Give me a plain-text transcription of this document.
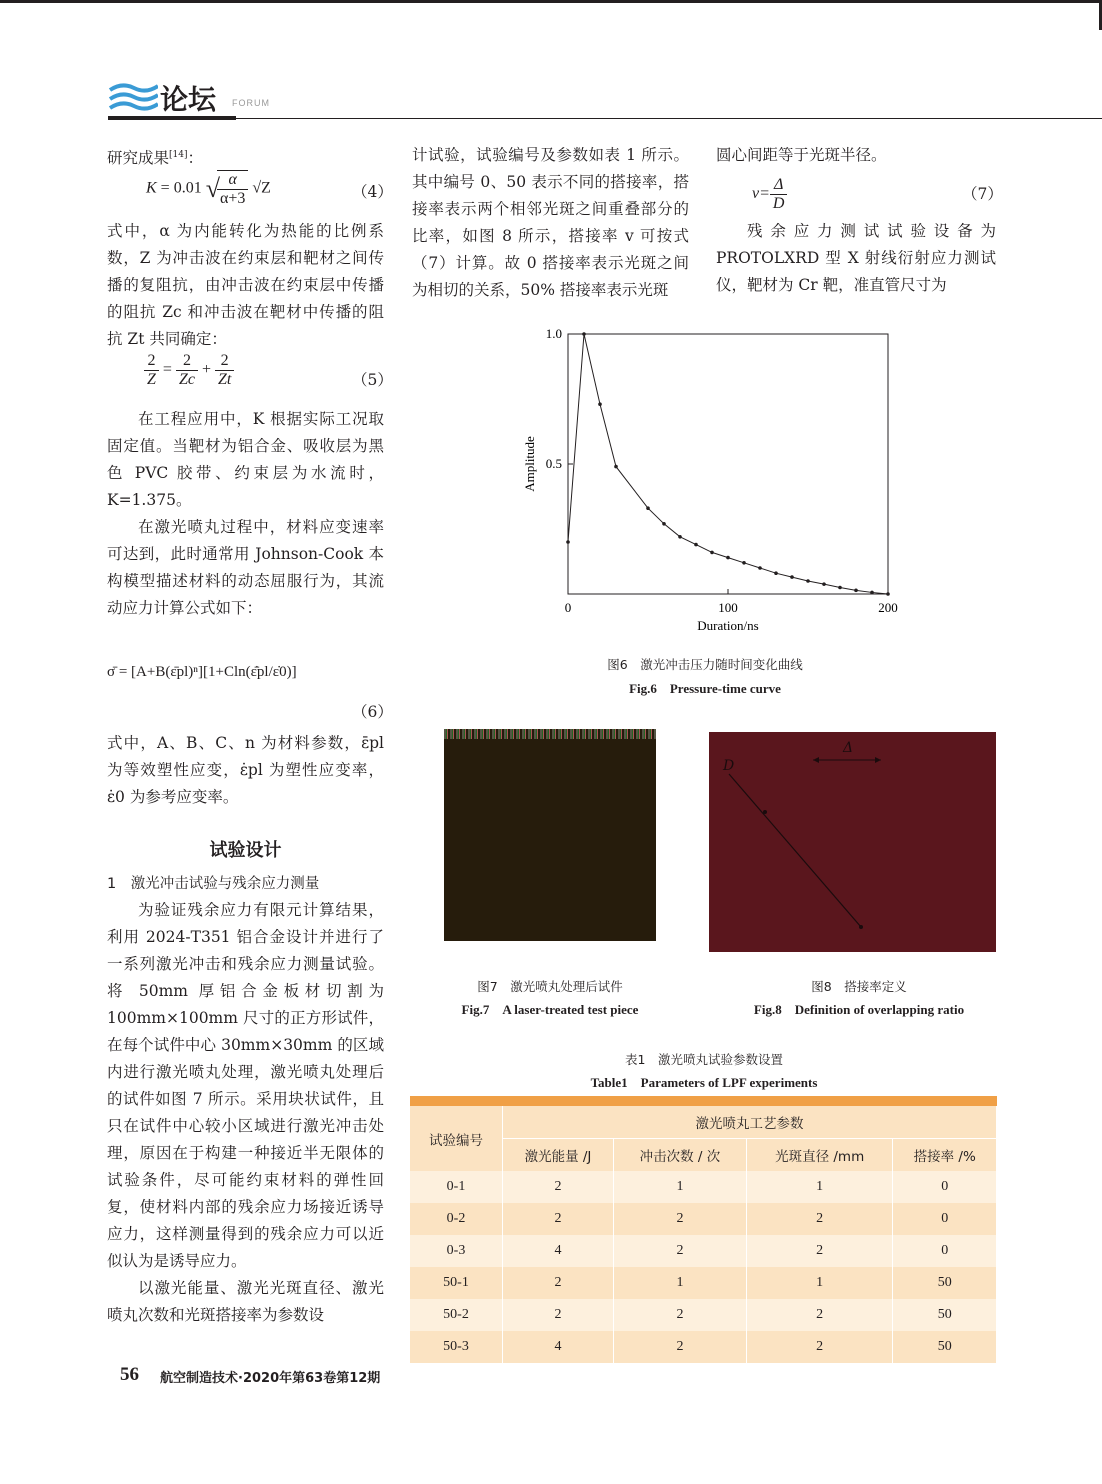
论坛 FORUM

研究成果[14]：

K = 0.01 √
$\frac{\alpha}{\alpha+3} √Z$	（4）

式中，α 为内能转化为热能的比例系数，Z 为冲击波在约束层和靶材之间传播的复阻抗，由冲击波在约束层中传播的阻抗 Zc 和冲击波在靶材中传播的阻抗 Zt 共同确定：

$\frac{2}{Z} = \frac{2}{Zc} + \frac{2}{Zt}$	（5）

在工程应用中，K 根据实际工况取固定值。当靶材为铝合金、吸收层为黑色 PVC 胶带、约束层为水流时，K=1.375。

在激光喷丸过程中，材料应变速率可达到，此时通常用 Johnson-Cook 本构模型描述材料的动态屈服行为，其流动应力计算公式如下：

σ̄ = [A+B(ε̄pl)ⁿ][1+Cln(ε̄̇pl/ε̇0)]
（6）

式中，A、B、C、n 为材料参数，ε̄pl 为等效塑性应变，ε̇pl 为塑性应变率，ε̇0 为参考应变率。

试验设计
1　激光冲击试验与残余应力测量

为验证残余应力有限元计算结果，利用 2024-T351 铝合金设计并进行了一系列激光冲击和残余应力测量试验。将 50mm 厚铝合金板材切割为 100mm×100mm 尺寸的正方形试件，在每个试件中心 30mm×30mm 的区域内进行激光喷丸处理，激光喷丸处理后的试件如图 7 所示。采用块状试件，且只在试件中心较小区域进行激光冲击处理，原因在于构建一种接近半无限体的试验条件，尽可能约束材料的弹性回复，使材料内部的残余应力场接近诱导应力，这样测量得到的残余应力可以近似认为是诱导应力。

以激光能量、激光光斑直径、激光喷丸次数和光斑搭接率为参数设

计试验，试验编号及参数如表 1 所示。其中编号 0、50 表示不同的搭接率，搭接率表示两个相邻光斑之间重叠部分的比率，如图 8 所示，搭接率 v 可按式（7）计算。故 0 搭接率表示光斑之间为相切的关系，50% 搭接率表示光斑

圆心间距等于光斑半径。

$v= \frac{\Delta}{D}$	（7）

残余应力测试试验设备为 PROTOLXRD 型 X 射线衍射应力测试仪，靶材为 Cr 靶，准直管尺寸为

0	100	200
0.5
1.0
Duration/ns
Amplitude
图6　激光冲击压力随时间变化曲线
Fig.6　Pressure-time curve
图7　激光喷丸处理后试件
Fig.7　A laser-treated test piece
D
Δ
图8　搭接率定义
Fig.8　Definition of overlapping ratio
表1　激光喷丸试验参数设置
Table1　Parameters of LPF experiments
试验编号	激光喷丸工艺参数			
	激光能量 /J	冲击次数 / 次	光斑直径 /mm	搭接率 /%
0-1	2	1	1	0
0-2	2	2	2	0
0-3	4	2	2	0
50-1	2	1	1	50
50-2	2	2	2	50
50-3	4	2	2	50
56 航空制造技术·2020年第63卷第12期
